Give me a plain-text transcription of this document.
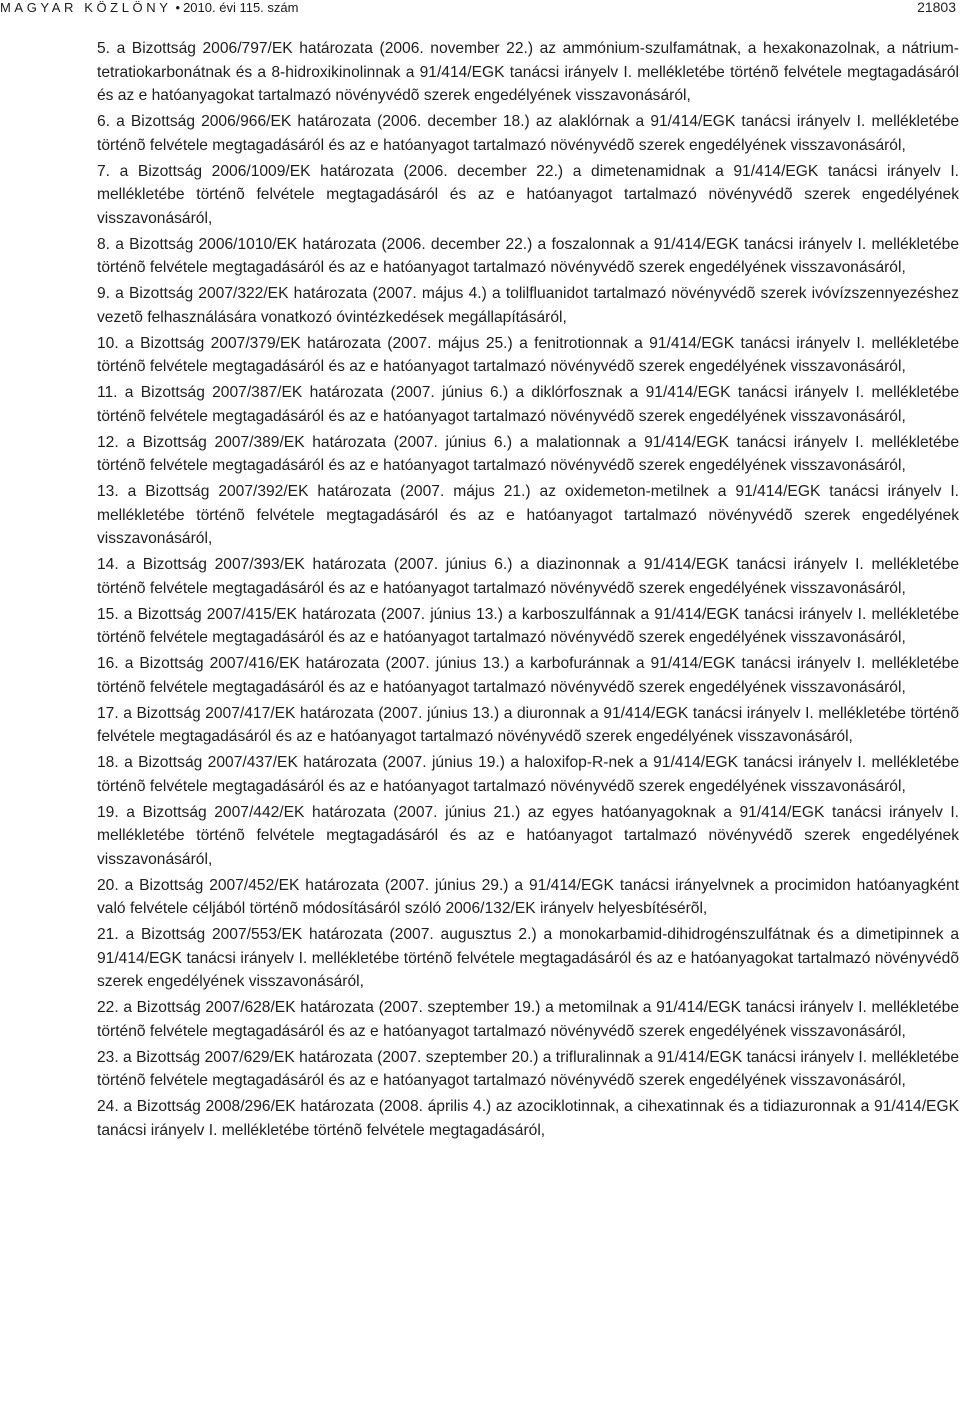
MAGYAR KÖZLÖNY • 2010. évi 115. szám	21803

5. a Bizottság 2006/797/EK határozata (2006. november 22.) az ammónium-szulfamátnak, a hexakonazolnak, a nátrium-tetratiokarbonátnak és a 8-hidroxikinolinnak a 91/414/EGK tanácsi irányelv I. mellékletébe történõ felvétele megtagadásáról és az e hatóanyagokat tartalmazó növényvédõ szerek engedélyének visszavonásáról,

6. a Bizottság 2006/966/EK határozata (2006. december 18.) az alaklórnak a 91/414/EGK tanácsi irányelv I. mellékletébe történõ felvétele megtagadásáról és az e hatóanyagot tartalmazó növényvédõ szerek engedélyének visszavonásáról,

7. a Bizottság 2006/1009/EK határozata (2006. december 22.) a dimetenamidnak a 91/414/EGK tanácsi irányelv I. mellékletébe történõ felvétele megtagadásáról és az e hatóanyagot tartalmazó növényvédõ szerek engedélyének visszavonásáról,

8. a Bizottság 2006/1010/EK határozata (2006. december 22.) a foszalonnak a 91/414/EGK tanácsi irányelv I. mellékletébe történõ felvétele megtagadásáról és az e hatóanyagot tartalmazó növényvédõ szerek engedélyének visszavonásáról,

9. a Bizottság 2007/322/EK határozata (2007. május 4.) a tolilfluanidot tartalmazó növényvédõ szerek ivóvízszennyezéshez vezetõ felhasználására vonatkozó óvintézkedések megállapításáról,

10. a Bizottság 2007/379/EK határozata (2007. május 25.) a fenitrotionnak a 91/414/EGK tanácsi irányelv I. mellékletébe történõ felvétele megtagadásáról és az e hatóanyagot tartalmazó növényvédõ szerek engedélyének visszavonásáról,

11. a Bizottság 2007/387/EK határozata (2007. június 6.) a diklórfosznak a 91/414/EGK tanácsi irányelv I. mellékletébe történõ felvétele megtagadásáról és az e hatóanyagot tartalmazó növényvédõ szerek engedélyének visszavonásáról,

12. a Bizottság 2007/389/EK határozata (2007. június 6.) a malationnak a 91/414/EGK tanácsi irányelv I. mellékletébe történõ felvétele megtagadásáról és az e hatóanyagot tartalmazó növényvédõ szerek engedélyének visszavonásáról,

13. a Bizottság 2007/392/EK határozata (2007. május 21.) az oxidemeton-metilnek a 91/414/EGK tanácsi irányelv I. mellékletébe történõ felvétele megtagadásáról és az e hatóanyagot tartalmazó növényvédõ szerek engedélyének visszavonásáról,

14. a Bizottság 2007/393/EK határozata (2007. június 6.) a diazinonnak a 91/414/EGK tanácsi irányelv I. mellékletébe történõ felvétele megtagadásáról és az e hatóanyagot tartalmazó növényvédõ szerek engedélyének visszavonásáról,

15. a Bizottság 2007/415/EK határozata (2007. június 13.) a karboszulfánnak a 91/414/EGK tanácsi irányelv I. mellékletébe történõ felvétele megtagadásáról és az e hatóanyagot tartalmazó növényvédõ szerek engedélyének visszavonásáról,

16. a Bizottság 2007/416/EK határozata (2007. június 13.) a karbofuránnak a 91/414/EGK tanácsi irányelv I. mellékletébe történõ felvétele megtagadásáról és az e hatóanyagot tartalmazó növényvédõ szerek engedélyének visszavonásáról,

17. a Bizottság 2007/417/EK határozata (2007. június 13.) a diuronnak a 91/414/EGK tanácsi irányelv I. mellékletébe történõ felvétele megtagadásáról és az e hatóanyagot tartalmazó növényvédõ szerek engedélyének visszavonásáról,

18. a Bizottság 2007/437/EK határozata (2007. június 19.) a haloxifop-R-nek a 91/414/EGK tanácsi irányelv I. mellékletébe történõ felvétele megtagadásáról és az e hatóanyagot tartalmazó növényvédõ szerek engedélyének visszavonásáról,

19. a Bizottság 2007/442/EK határozata (2007. június 21.) az egyes hatóanyagoknak a 91/414/EGK tanácsi irányelv I. mellékletébe történõ felvétele megtagadásáról és az e hatóanyagot tartalmazó növényvédõ szerek engedélyének visszavonásáról,

20. a Bizottság 2007/452/EK határozata (2007. június 29.) a 91/414/EGK tanácsi irányelvnek a procimidon hatóanyagként való felvétele céljából történõ módosításáról szóló 2006/132/EK irányelv helyesbítésérõl,

21. a Bizottság 2007/553/EK határozata (2007. augusztus 2.) a monokarbamid-dihidrogénszulfátnak és a dimetipinnek a 91/414/EGK tanácsi irányelv I. mellékletébe történõ felvétele megtagadásáról és az e hatóanyagokat tartalmazó növényvédõ szerek engedélyének visszavonásáról,

22. a Bizottság 2007/628/EK határozata (2007. szeptember 19.) a metomilnak a 91/414/EGK tanácsi irányelv I. mellékletébe történõ felvétele megtagadásáról és az e hatóanyagot tartalmazó növényvédõ szerek engedélyének visszavonásáról,

23. a Bizottság 2007/629/EK határozata (2007. szeptember 20.) a trifluralinnak a 91/414/EGK tanácsi irányelv I. mellékletébe történõ felvétele megtagadásáról és az e hatóanyagot tartalmazó növényvédõ szerek engedélyének visszavonásáról,

24. a Bizottság 2008/296/EK határozata (2008. április 4.) az azociklotinnak, a cihexatinnak és a tidiazuronnak a 91/414/EGK tanácsi irányelv I. mellékletébe történõ felvétele megtagadásáról,
